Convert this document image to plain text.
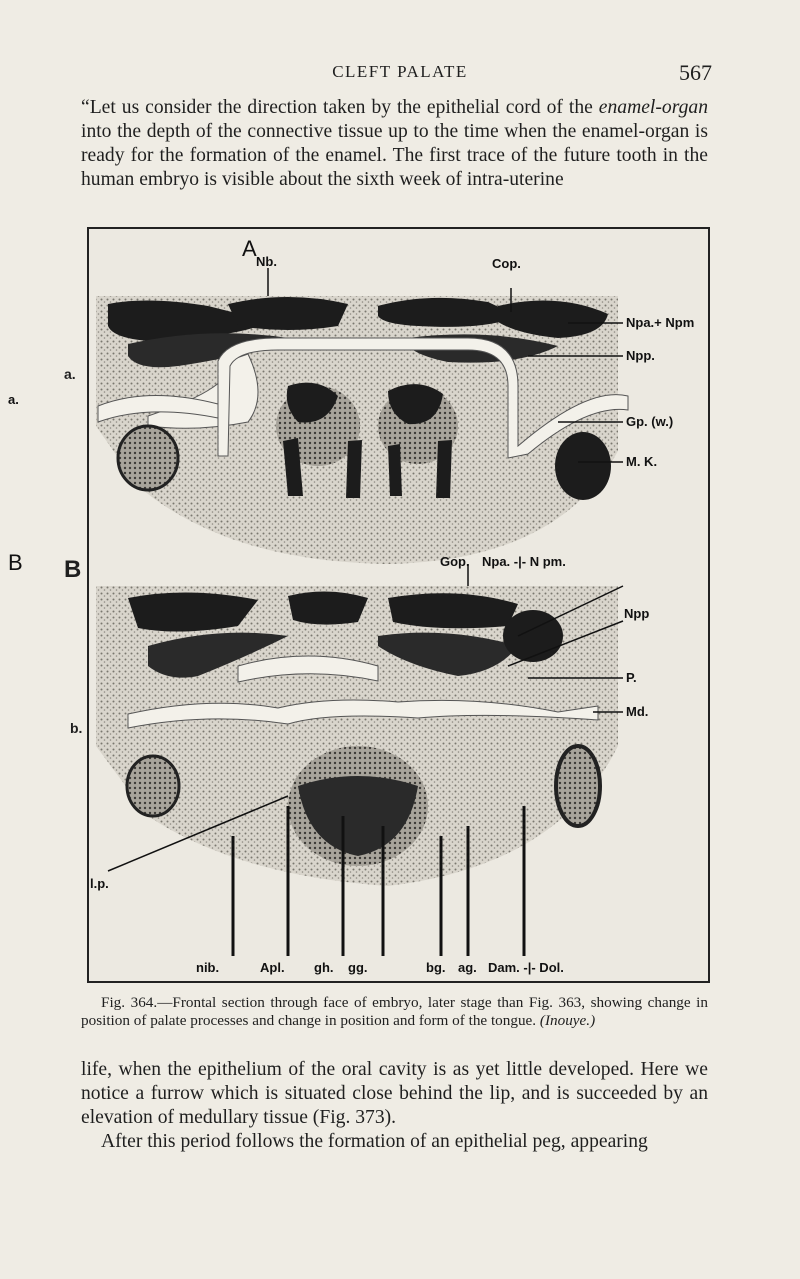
CLEFT PALATE	567

“Let us consider the direction taken by the epithelial cord of the enamel-organ into the depth of the connective tissue up to the time when the enamel-organ is ready for the formation of the enamel. The first trace of the future tooth in the human embryo is visible about the sixth week of intra-uterine

A
Nb.	Cop.
Npa.+ Npm
Npp.
Gp. (w.)
M. K.
a.
B	Gop. Npa. -|- N pm.
Npp
P.
Md.
l.p.
nib.	Apl. gh. gg.	bg. ag. Dam. -|- Dol.
a.
B
b.

Fig. 364.—Frontal section through face of embryo, later stage than Fig. 363, showing change in position of palate processes and change in position and form of the tongue. (Inouye.)

life, when the epithelium of the oral cavity is as yet little developed. Here we notice a furrow which is situated close behind the lip, and is succeeded by an elevation of medullary tissue (Fig. 373).

After this period follows the formation of an epithelial peg, appearing
